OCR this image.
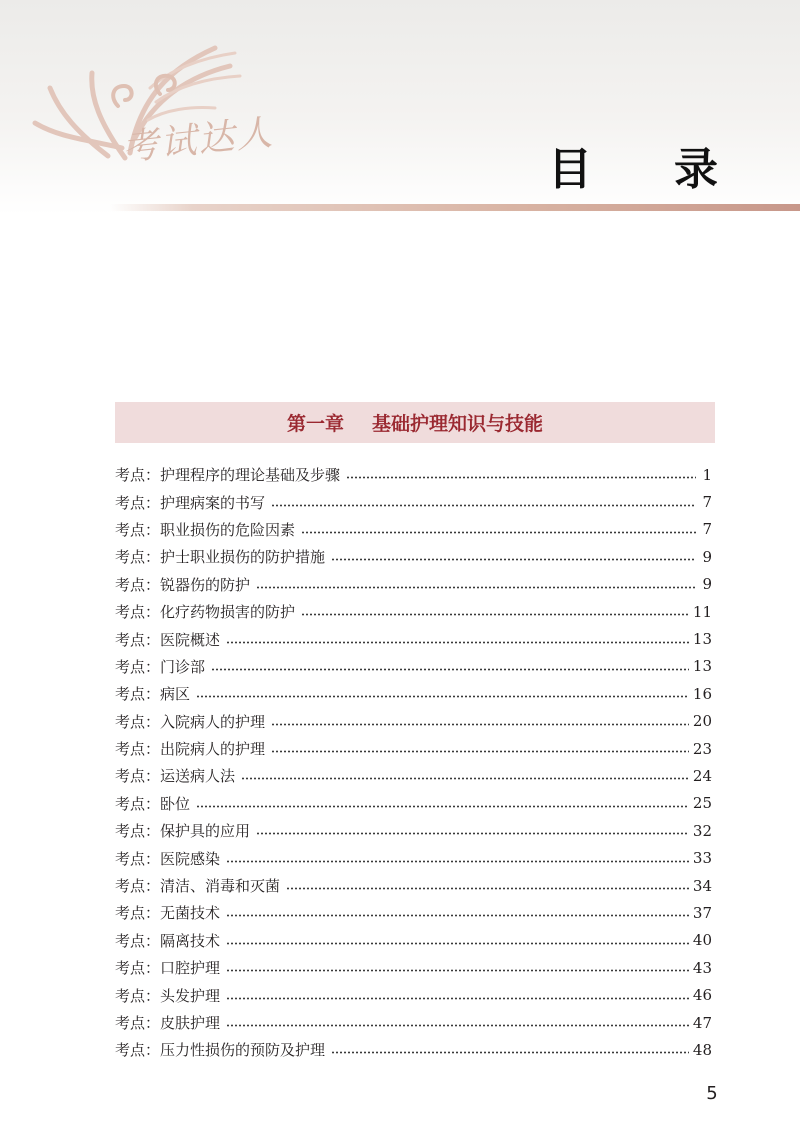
考试达人
目 录
第一章 基础护理知识与技能
考点： 护理程序的理论基础及步骤	1
考点： 护理病案的书写	7
考点： 职业损伤的危险因素	7
考点： 护士职业损伤的防护措施	9
考点： 锐器伤的防护	9
考点： 化疗药物损害的防护	11
考点： 医院概述	13
考点： 门诊部	13
考点： 病区	16
考点： 入院病人的护理	20
考点： 出院病人的护理	23
考点： 运送病人法	24
考点： 卧位	25
考点： 保护具的应用	32
考点： 医院感染	33
考点： 清洁、消毒和灭菌	34
考点： 无菌技术	37
考点： 隔离技术	40
考点： 口腔护理	43
考点： 头发护理	46
考点： 皮肤护理	47
考点： 压力性损伤的预防及护理	48
5
